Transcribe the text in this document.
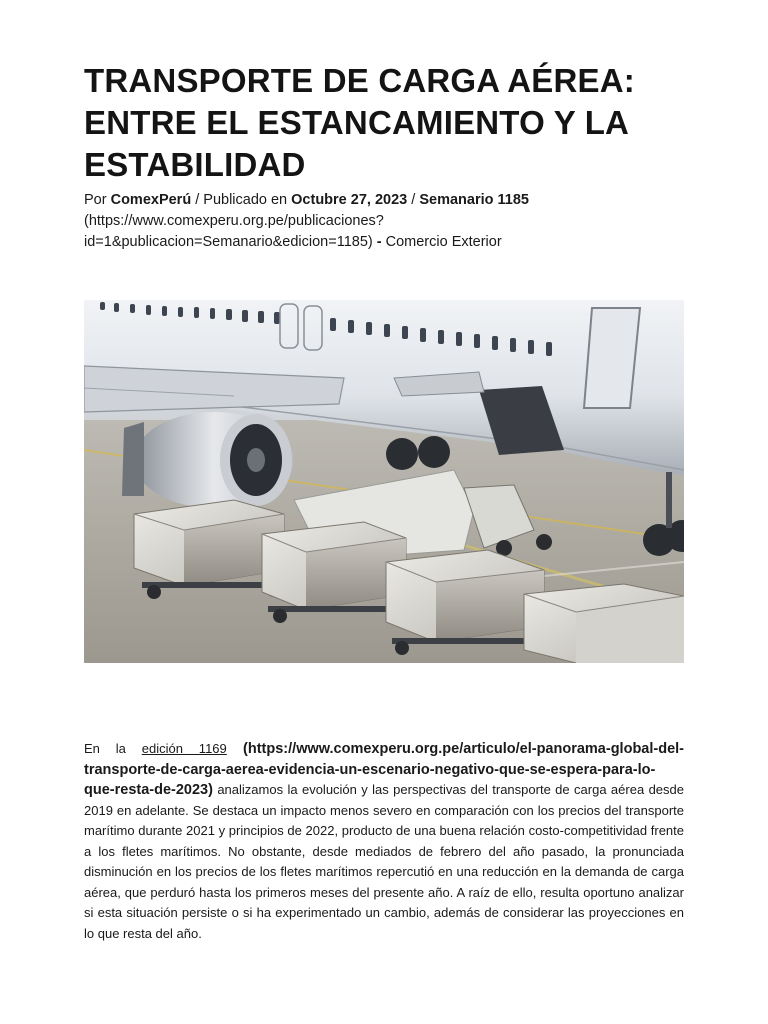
TRANSPORTE DE CARGA AÉREA:
ENTRE EL ESTANCAMIENTO Y LA
ESTABILIDAD
Por ComexPerú / Publicado en Octubre 27, 2023 / Semanario 1185
(https://www.comexperu.org.pe/publicaciones?
id=1&publicacion=Semanario&edicion=1185) - Comercio Exterior

En la edición 1169 (https://www.comexperu.org.pe/articulo/el-panorama-global-del-transporte-de-carga-aerea-evidencia-un-escenario-negativo-que-se-espera-para-lo-que-resta-de-2023) analizamos la evolución y las perspectivas del transporte de carga aérea desde 2019 en adelante. Se destaca un impacto menos severo en comparación con los precios del transporte marítimo durante 2021 y principios de 2022, producto de una buena relación costo-competitividad frente a los fletes marítimos. No obstante, desde mediados de febrero del año pasado, la pronunciada disminución en los precios de los fletes marítimos repercutió en una reducción en la demanda de carga aérea, que perduró hasta los primeros meses del presente año. A raíz de ello, resulta oportuno analizar si esta situación persiste o si ha experimentado un cambio, además de considerar las proyecciones en lo que resta del año.
